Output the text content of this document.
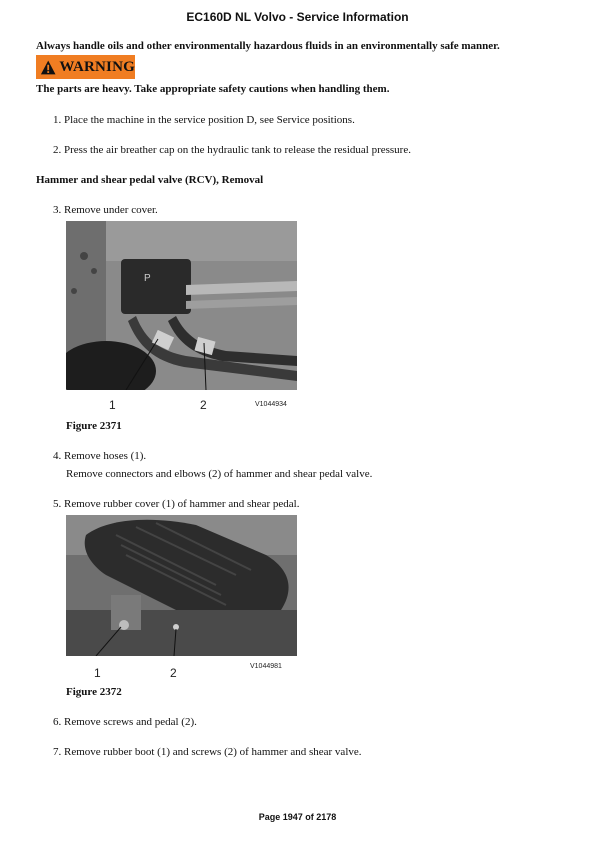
EC160D NL Volvo - Service Information
Always handle oils and other environmentally hazardous fluids in an environmentally safe manner.
WARNING
The parts are heavy. Take appropriate safety cautions when handling them.
1. Place the machine in the service position D, see Service positions.
2. Press the air breather cap on the hydraulic tank to release the residual pressure.
Hammer and shear pedal valve (RCV), Removal
3. Remove under cover.
P
1	2	V1044934
Figure 2371
4. Remove hoses (1).
Remove connectors and elbows (2) of hammer and shear pedal valve.
5. Remove rubber cover (1) of hammer and shear pedal.
1	2	V1044981
Figure 2372
6. Remove screws and pedal (2).
7. Remove rubber boot (1) and screws (2) of hammer and shear valve.
Page 1947 of 2178
